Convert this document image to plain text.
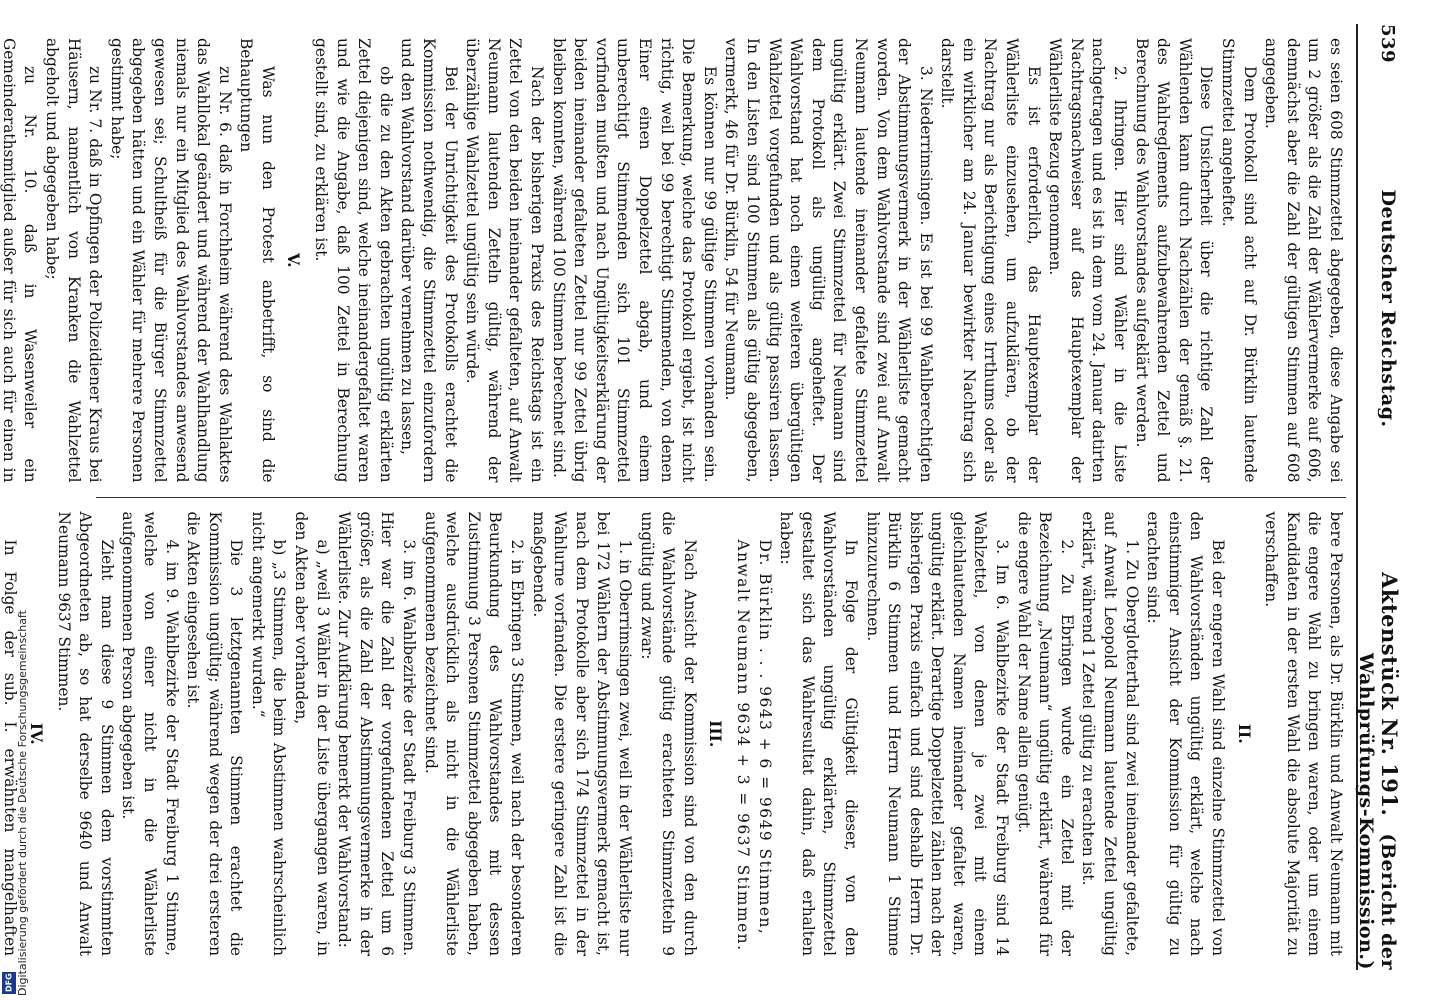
Digitalisierung gefördert durch die Deutsche Forschungsgemeinschaft
DFG
539
Deutscher Reichstag.
Aktenstück Nr. 191. (Bericht der Wahlprüfungs-Kommission.)

es seien 608 Stimmzettel abgegeben, diese Angabe sei um 2 größer als die Zahl der Wählervermerke auf 606, demnächst aber die Zahl der gültigen Stimmen auf 608 angegeben.

Dem Protokoll sind acht auf Dr. Bürklin lautende Stimmzettel angeheftet.

Diese Unsicherheit über die richtige Zahl der Wählenden kann durch Nachzählen der gemäß §. 21. des Wahlreglements aufzubewahrenden Zettel und Berechnung des Wahlvorstandes aufgeklärt werden.

2. Ihringen. Hier sind Wähler in die Liste nachgetragen und es ist in dem vom 24. Januar datirten Nachtragsnachweiser auf das Hauptexemplar der Wählerliste Bezug genommen.

Es ist erforderlich, das Hauptexemplar der Wählerliste einzusehen, um aufzuklären, ob der Nachtrag nur als Berichtigung eines Irrthums oder als ein wirklicher am 24. Januar bewirkter Nachtrag sich darstellt.

3. Niederrimsingen. Es ist bei 99 Wahlberechtigten der Abstimmungsvermerk in der Wählerliste gemacht worden. Von dem Wahlvorstande sind zwei auf Anwalt Neumann lautende ineinander gefaltete Stimmzettel ungültig erklärt. Zwei Stimmzettel für Neumann sind dem Protokoll als ungültig angeheftet. Der Wahlvorstand hat noch einen weiteren übergültigen Wahlzettel vorgefunden und als gültig passiren lassen. In den Listen sind 100 Stimmen als gültig abgegeben, vermerkt, 46 für Dr. Bürklin, 54 für Neumann.

Es können nur 99 gültige Stimmen vorhanden sein. Die Bemerkung, welche das Protokoll ergiebt, ist nicht richtig, weil bei 99 berechtigt Stimmenden, von denen Einer einen Doppelzettel abgab, und einem unberechtigt Stimmenden sich 101 Stimmzettel vorfinden mußten und nach Ungültigkeitserklärung der beiden ineinander gefalteten Zettel nur 99 Zettel übrig bleiben konnten, während 100 Stimmen berechnet sind.

Nach der bisherigen Praxis des Reichstags ist ein Zettel von den beiden ineinander gefalteten, auf Anwalt Neumann lautenden Zetteln gültig, während der überzählige Wahlzettel ungültig sein würde.

Bei der Unrichtigkeit des Protokolls erachtet die Kommission nothwendig, die Stimmzettel einzufordern und den Wahlvorstand darüber vernehmen zu lassen,

ob die zu den Akten gebrachten ungültig erklärten Zettel diejenigen sind, welche ineinandergefaltet waren und wie die Angabe, daß 100 Zettel in Berechnung gestellt sind, zu erklären ist.

V.

Was nun den Protest anbetrifft, so sind die Behauptungen

zu Nr. 6. daß in Forchheim während des Wahlaktes das Wahllokal geändert und während der Wahlhandlung niemals nur ein Mitglied des Wahlvorstandes anwesend gewesen sei; Schultheiß für die Bürger Stimmzettel abgegeben hätten und ein Wähler für mehrere Personen gestimmt habe;

zu Nr. 7. daß in Opfingen der Polizeidiener Kraus bei Häusern, namentlich von Kranken die Wahlzettel abgeholt und abgegeben habe;

zu Nr. 10. daß in Wasenweiler ein Gemeinderathsmitglied außer für sich auch für einen in

bere Personen, als Dr. Bürklin und Anwalt Neumann mit die engere Wahl zu bringen waren, oder um einem Kandidaten in der ersten Wahl die absolute Majorität zu verschaffen.

II.

Bei der engeren Wahl sind einzelne Stimmzettel von den Wahlvorständen ungültig erklärt, welche nach einstimmiger Ansicht der Kommission für gültig zu erachten sind:

1. Zu Oberglotterthal sind zwei ineinander gefaltete, auf Anwalt Leopold Neumann lautende Zettel ungültig erklärt, während 1 Zettel gültig zu erachten ist.

2. Zu Ebringen wurde ein Zettel mit der Bezeichnung „Neumann“ ungültig erklärt, während für die engere Wahl der Name allein genügt.

3. Im 6. Wahlbezirke der Stadt Freiburg sind 14 Wahlzettel, von denen je zwei mit einem gleichlautenden Namen ineinander gefaltet waren, ungültig erklärt. Derartige Doppelzettel zählen nach der bisherigen Praxis einfach und sind deshalb Herrn Dr. Bürklin 6 Stimmen und Herrn Neumann 1 Stimme hinzuzurechnen.

In Folge der Gültigkeit dieser, von den Wahlvorständen ungültig erklärten, Stimmzettel gestaltet sich das Wahlresultat dahin, daß erhalten haben:

Dr. Bürklin . . . 9643 + 6 = 9649 Stimmen,

Anwalt Neumann 9634 + 3 = 9637 Stimmen.

III.

Nach Ansicht der Kommission sind von den durch die Wahlvorstände gültig erachteten Stimmzetteln 9 ungültig und zwar:

1. in Oberrimsingen zwei, weil in der Wählerliste nur bei 172 Wählern der Abstimmungsvermerk gemacht ist, nach dem Protokolle aber sich 174 Stimmzettel in der Wahlurne vorfanden. Die erstere geringere Zahl ist die maßgebende.

2. in Ebringen 3 Stimmen, weil nach der besonderen Beurkundung des Wahlvorstandes mit dessen Zustimmung 3 Personen Stimmzettel abgegeben haben, welche ausdrücklich als nicht in die Wählerliste aufgenommenen bezeichnet sind.

3. im 6. Wahlbezirke der Stadt Freiburg 3 Stimmen. Hier war die Zahl der vorgefundenen Zettel um 6 größer, als die Zahl der Abstimmungsvermerke in der Wählerliste. Zur Aufklärung bemerkt der Wahlvorstand:

a) „weil 3 Wähler in der Liste übergangen waren, in den Akten aber vorhanden,

b) „3 Stimmen, die beim Abstimmen wahrscheinlich nicht angemerkt wurden.“

Die 3 letztgenannten Stimmen erachtet die Kommission ungültig; während wegen der drei ersteren die Akten eingesehen ist.

4. im 9. Wahlbezirke der Stadt Freiburg 1 Stimme, welche von einer nicht in die Wählerliste aufgenommenen Person abgegeben ist.

Zieht man diese 9 Stimmen dem vorstimmten Abgeordneten ab, so hat derselbe 9640 und Anwalt Neumann 9637 Stimmen.

IV.

In Folge der sub. I. erwähnten mangelhaften
